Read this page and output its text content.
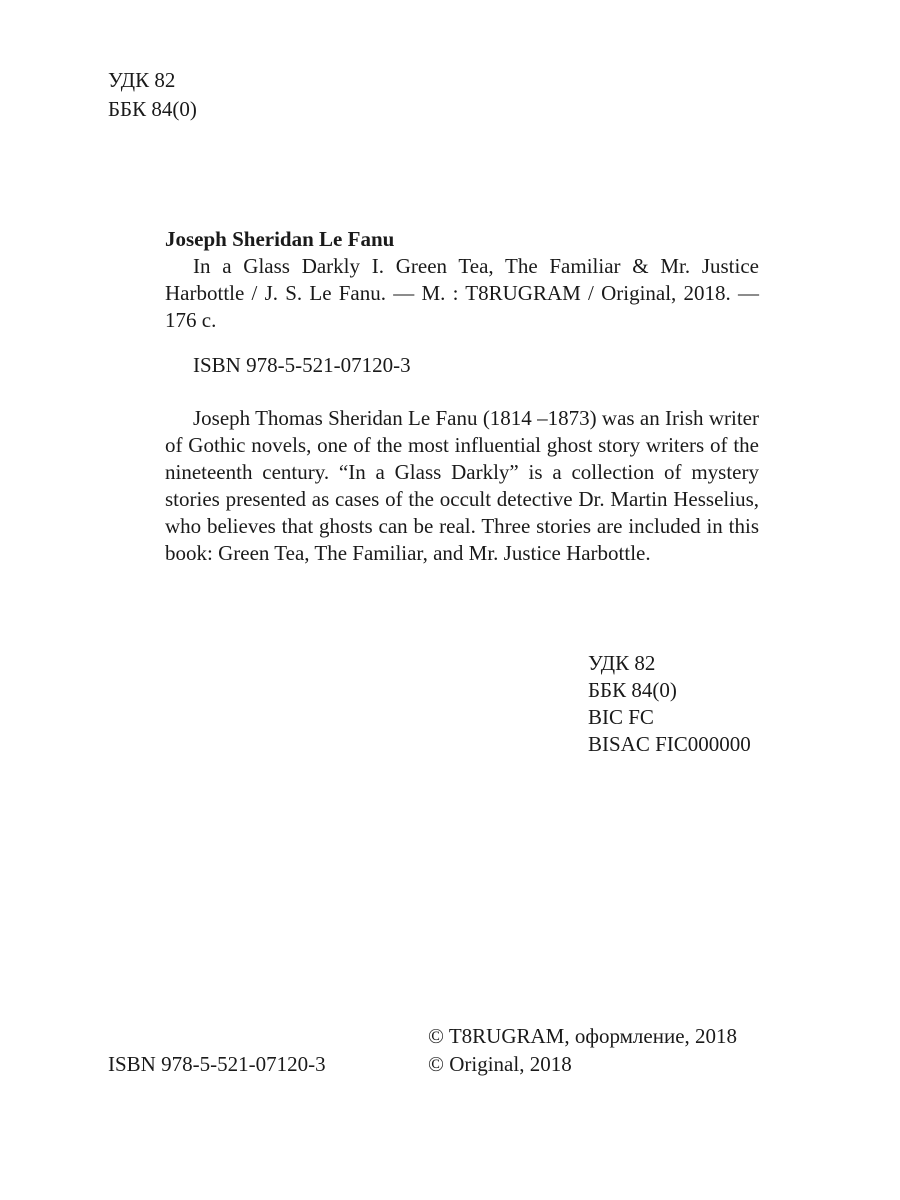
УДК 82
ББК 84(0)
Joseph Sheridan Le Fanu

In a Glass Darkly I. Green Tea, The Familiar & Mr. Justice Harbottle / J. S. Le Fanu. — M. : T8RUGRAM / Original, 2018. — 176 c.

ISBN 978-5-521-07120-3
Joseph Thomas Sheridan Le Fanu (1814 –1873) was an Irish writer of Gothic novels, one of the most influential ghost story writers of the nineteenth century. “In a Glass Darkly” is a collection of mystery stories presented as cases of the occult detective Dr. Martin Hesselius, who believes that ghosts can be real. Three stories are included in this book: Green Tea, The Familiar, and Mr. Justice Harbottle.
УДК 82
ББК 84(0)
BIC FC
BISAC FIC000000
© T8RUGRAM, оформление, 2018
© Original, 2018
ISBN 978-5-521-07120-3
